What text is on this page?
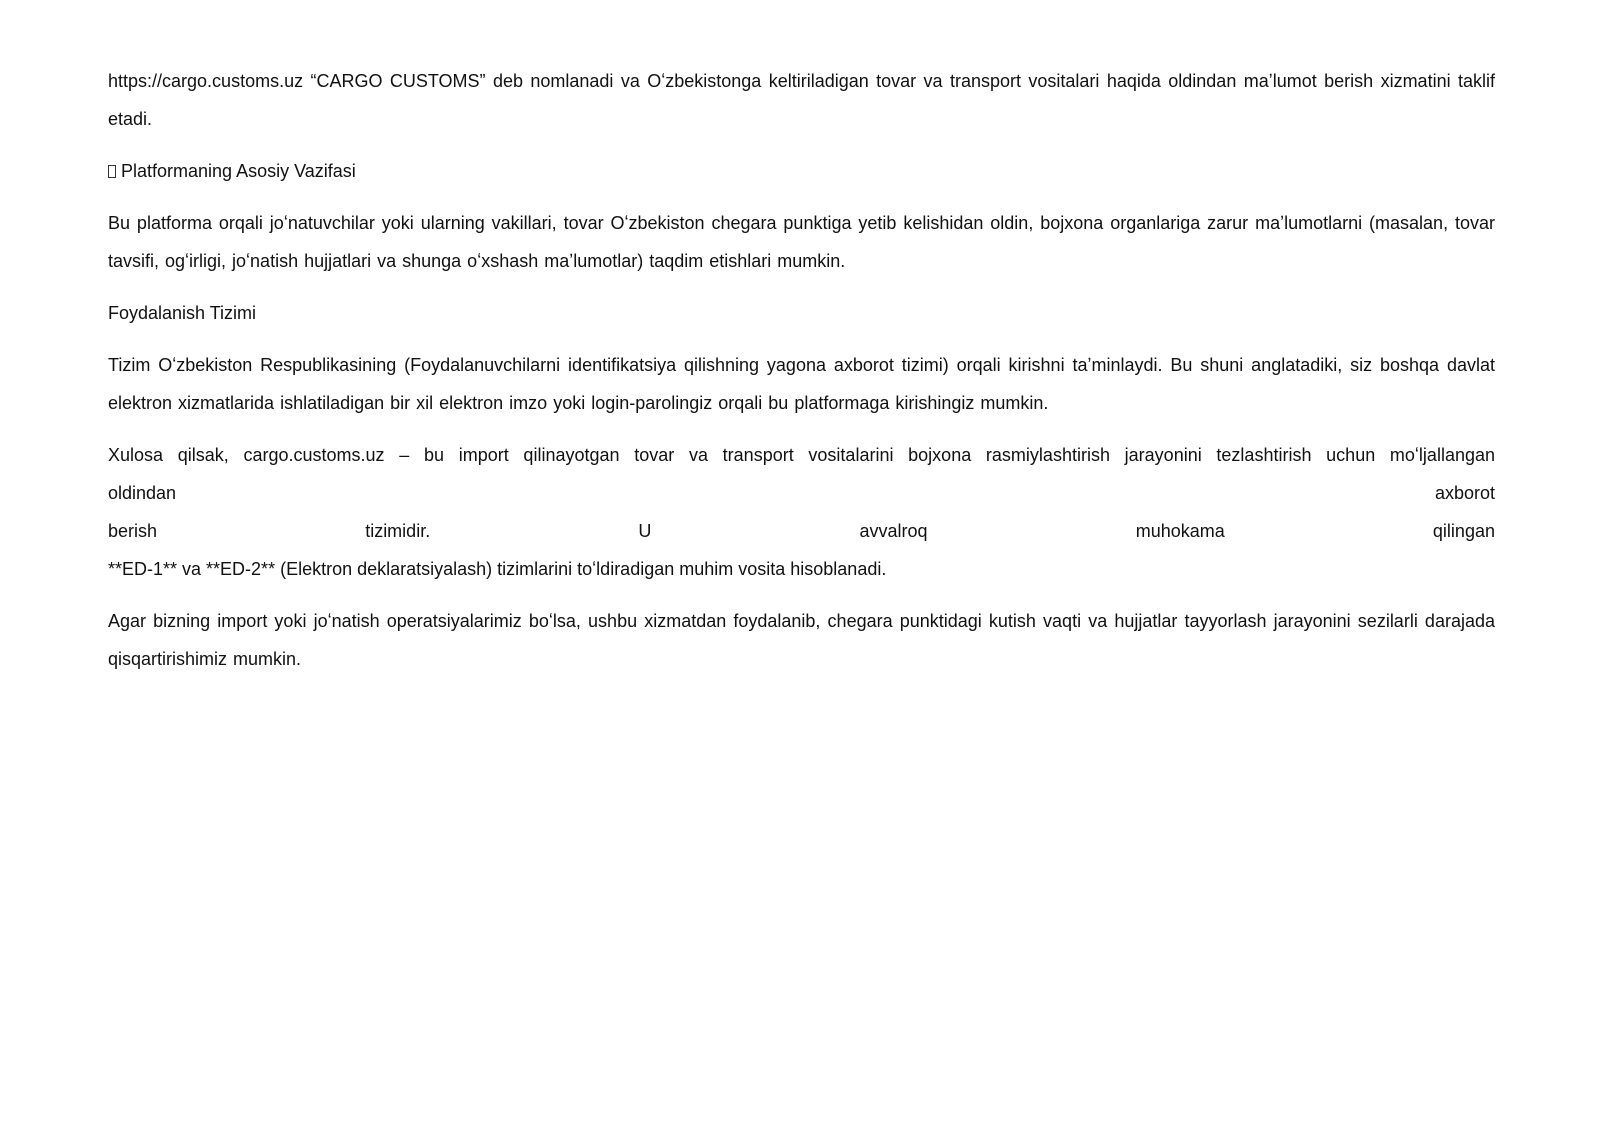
https://cargo.customs.uz “CARGO CUSTOMS” deb nomlanadi va Oʻzbekistonga keltiriladigan tovar va transport vositalari haqida oldindan maʼlumot berish xizmatini taklif etadi.

Platformaning Asosiy Vazifasi

Bu platforma orqali joʻnatuvchilar yoki ularning vakillari, tovar Oʻzbekiston chegara punktiga yetib kelishidan oldin, bojxona organlariga zarur maʼlumotlarni (masalan, tovar tavsifi, ogʻirligi, joʻnatish hujjatlari va shunga oʻxshash maʼlumotlar) taqdim etishlari mumkin.

Foydalanish Tizimi

Tizim Oʻzbekiston Respublikasining (Foydalanuvchilarni identifikatsiya qilishning yagona axborot tizimi) orqali kirishni taʼminlaydi. Bu shuni anglatadiki, siz boshqa davlat elektron xizmatlarida ishlatiladigan bir xil elektron imzo yoki login-parolingiz orqali bu platformaga kirishingiz mumkin.

Xulosa qilsak, cargo.customs.uz – bu import qilinayotgan tovar va transport vositalarini bojxona rasmiylashtirish jarayonini tezlashtirish uchun moʻljallangan

oldindan	axborot
berish	tizimidir.	U	avvalroq	muhokama	qilingan

**ED-1** va **ED-2** (Elektron deklaratsiyalash) tizimlarini toʻldiradigan muhim vosita hisoblanadi.

Agar bizning import yoki joʻnatish operatsiyalarimiz boʻlsa, ushbu xizmatdan foydalanib, chegara punktidagi kutish vaqti va hujjatlar tayyorlash jarayonini sezilarli darajada qisqartirishimiz mumkin.
